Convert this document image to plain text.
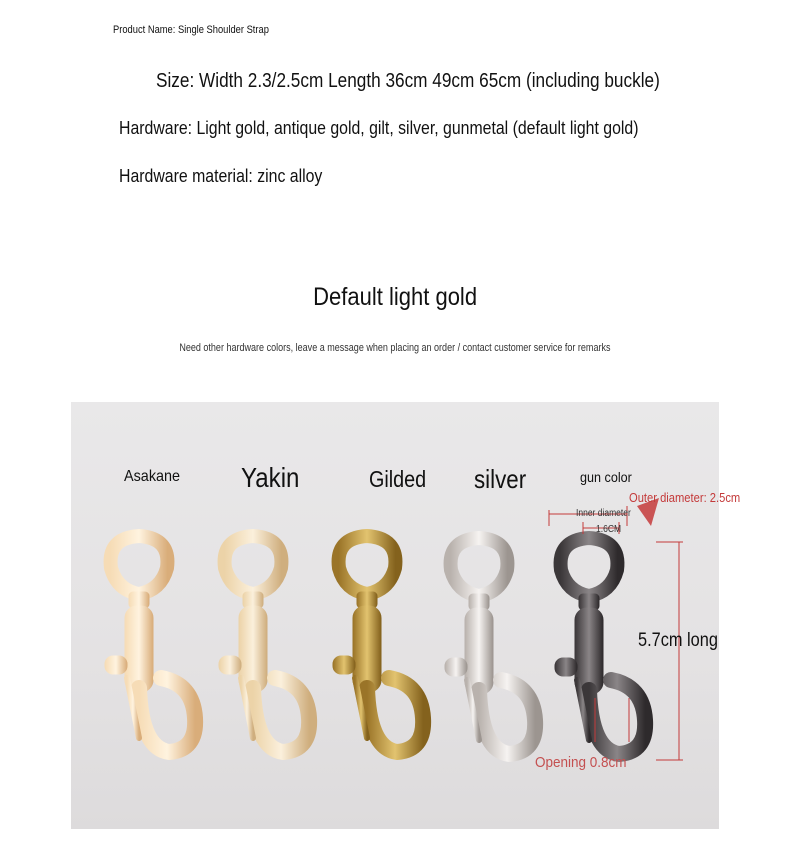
Product Name: Single Shoulder Strap
Size: Width 2.3/2.5cm Length 36cm 49cm 65cm (including buckle)
Hardware: Light gold, antique gold, gilt, silver, gunmetal (default light gold)
Hardware material: zinc alloy
Default light gold
Need other hardware colors, leave a message when placing an order / contact customer service for remarks
Asakane Yakin	Gilded silver	gun color
Outer diameter: 2.5cm
Inner diameter
1.6CM
5.7cm long
Opening 0.8cm
